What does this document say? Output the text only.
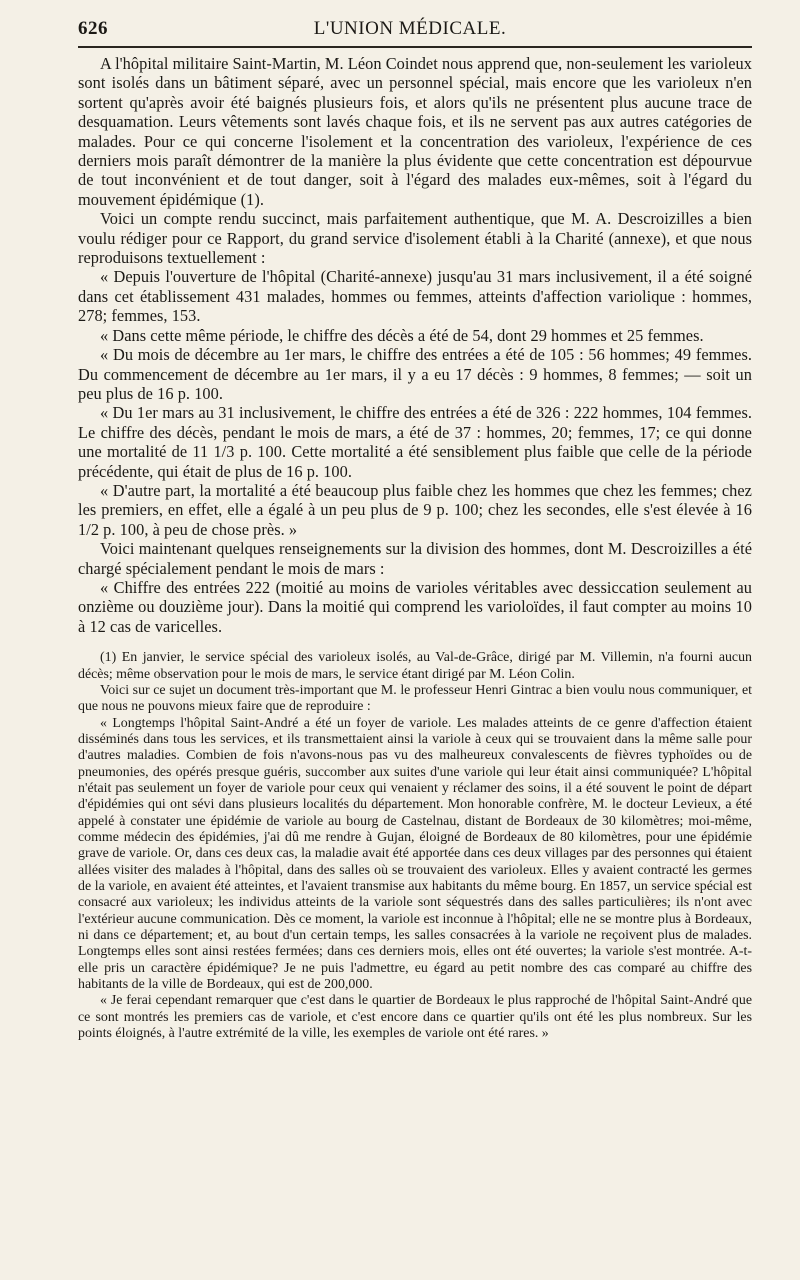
626	L'UNION MÉDICALE.

A l'hôpital militaire Saint-Martin, M. Léon Coindet nous apprend que, non-seulement les varioleux sont isolés dans un bâtiment séparé, avec un personnel spécial, mais encore que les varioleux n'en sortent qu'après avoir été baignés plusieurs fois, et alors qu'ils ne présentent plus aucune trace de desquamation. Leurs vêtements sont lavés chaque fois, et ils ne servent pas aux autres catégories de malades. Pour ce qui concerne l'isolement et la concentration des varioleux, l'expérience de ces derniers mois paraît démontrer de la manière la plus évidente que cette concentration est dépourvue de tout inconvénient et de tout danger, soit à l'égard des malades eux-mêmes, soit à l'égard du mouvement épidémique (1).

Voici un compte rendu succinct, mais parfaitement authentique, que M. A. Descroizilles a bien voulu rédiger pour ce Rapport, du grand service d'isolement établi à la Charité (annexe), et que nous reproduisons textuellement :

« Depuis l'ouverture de l'hôpital (Charité-annexe) jusqu'au 31 mars inclusivement, il a été soigné dans cet établissement 431 malades, hommes ou femmes, atteints d'affection variolique : hommes, 278; femmes, 153.

« Dans cette même période, le chiffre des décès a été de 54, dont 29 hommes et 25 femmes.

« Du mois de décembre au 1er mars, le chiffre des entrées a été de 105 : 56 hommes; 49 femmes. Du commencement de décembre au 1er mars, il y a eu 17 décès : 9 hommes, 8 femmes; — soit un peu plus de 16 p. 100.

« Du 1er mars au 31 inclusivement, le chiffre des entrées a été de 326 : 222 hommes, 104 femmes. Le chiffre des décès, pendant le mois de mars, a été de 37 : hommes, 20; femmes, 17; ce qui donne une mortalité de 11 1/3 p. 100. Cette mortalité a été sensiblement plus faible que celle de la période précédente, qui était de plus de 16 p. 100.

« D'autre part, la mortalité a été beaucoup plus faible chez les hommes que chez les femmes; chez les premiers, en effet, elle a égalé à un peu plus de 9 p. 100; chez les secondes, elle s'est élevée à 16 1/2 p. 100, à peu de chose près. »

Voici maintenant quelques renseignements sur la division des hommes, dont M. Descroizilles a été chargé spécialement pendant le mois de mars :

« Chiffre des entrées 222 (moitié au moins de varioles véritables avec dessiccation seulement au onzième ou douzième jour). Dans la moitié qui comprend les varioloïdes, il faut compter au moins 10 à 12 cas de varicelles.

(1) En janvier, le service spécial des varioleux isolés, au Val-de-Grâce, dirigé par M. Villemin, n'a fourni aucun décès; même observation pour le mois de mars, le service étant dirigé par M. Léon Colin.

Voici sur ce sujet un document très-important que M. le professeur Henri Gintrac a bien voulu nous communiquer, et que nous ne pouvons mieux faire que de reproduire :

« Longtemps l'hôpital Saint-André a été un foyer de variole. Les malades atteints de ce genre d'affection étaient disséminés dans tous les services, et ils transmettaient ainsi la variole à ceux qui se trouvaient dans la même salle pour d'autres maladies. Combien de fois n'avons-nous pas vu des malheureux convalescents de fièvres typhoïdes ou de pneumonies, des opérés presque guéris, succomber aux suites d'une variole qui leur était ainsi communiquée? L'hôpital n'était pas seulement un foyer de variole pour ceux qui venaient y réclamer des soins, il a été souvent le point de départ d'épidémies qui ont sévi dans plusieurs localités du département. Mon honorable confrère, M. le docteur Levieux, a été appelé à constater une épidémie de variole au bourg de Castelnau, distant de Bordeaux de 30 kilomètres; moi-même, comme médecin des épidémies, j'ai dû me rendre à Gujan, éloigné de Bordeaux de 80 kilomètres, pour une épidémie grave de variole. Or, dans ces deux cas, la maladie avait été apportée dans ces deux villages par des personnes qui étaient allées visiter des malades à l'hôpital, dans des salles où se trouvaient des varioleux. Elles y avaient contracté les germes de la variole, en avaient été atteintes, et l'avaient transmise aux habitants du même bourg. En 1857, un service spécial est consacré aux varioleux; les individus atteints de la variole sont séquestrés dans des salles particulières; ils n'ont avec l'extérieur aucune communication. Dès ce moment, la variole est inconnue à l'hôpital; elle ne se montre plus à Bordeaux, ni dans ce département; et, au bout d'un certain temps, les salles consacrées à la variole ne reçoivent plus de malades. Longtemps elles sont ainsi restées fermées; dans ces derniers mois, elles ont été ouvertes; la variole s'est montrée. A-t-elle pris un caractère épidémique? Je ne puis l'admettre, eu égard au petit nombre des cas comparé au chiffre des habitants de la ville de Bordeaux, qui est de 200,000.

« Je ferai cependant remarquer que c'est dans le quartier de Bordeaux le plus rapproché de l'hôpital Saint-André que ce sont montrés les premiers cas de variole, et c'est encore dans ce quartier qu'ils ont été les plus nombreux. Sur les points éloignés, à l'autre extrémité de la ville, les exemples de variole ont été rares. »
